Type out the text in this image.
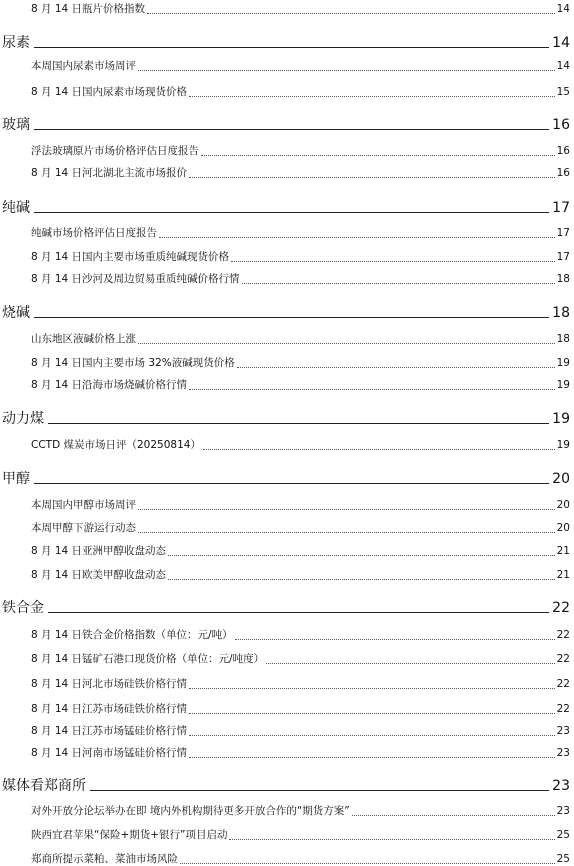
8 月 14 日瓶片价格指数	14
尿素	14
本周国内尿素市场周评	14
8 月 14 日国内尿素市场现货价格	15
玻璃	16
浮法玻璃原片市场价格评估日度报告	16
8 月 14 日河北湖北主流市场报价	16
纯碱	17
纯碱市场价格评估日度报告	17
8 月 14 日国内主要市场重质纯碱现货价格	17
8 月 14 日沙河及周边贸易重质纯碱价格行情	18
烧碱	18
山东地区液碱价格上涨	18
8 月 14 日国内主要市场 32%液碱现货价格	19
8 月 14 日沿海市场烧碱价格行情	19
动力煤	19
CCTD 煤炭市场日评（20250814）	19
甲醇	20
本周国内甲醇市场周评	20
本周甲醇下游运行动态	20
8 月 14 日亚洲甲醇收盘动态	21
8 月 14 日欧美甲醇收盘动态	21
铁合金	22
8 月 14 日铁合金价格指数（单位：元/吨）	22
8 月 14 日锰矿石港口现货价格（单位：元/吨度）	22
8 月 14 日河北市场硅铁价格行情	22
8 月 14 日江苏市场硅铁价格行情	22
8 月 14 日江苏市场锰硅价格行情	23
8 月 14 日河南市场锰硅价格行情	23
媒体看郑商所	23
对外开放分论坛举办在即 境内外机构期待更多开放合作的“期货方案”	23
陕西宜君苹果“保险+期货+银行”项目启动	25
郑商所提示菜粕、菜油市场风险	25
